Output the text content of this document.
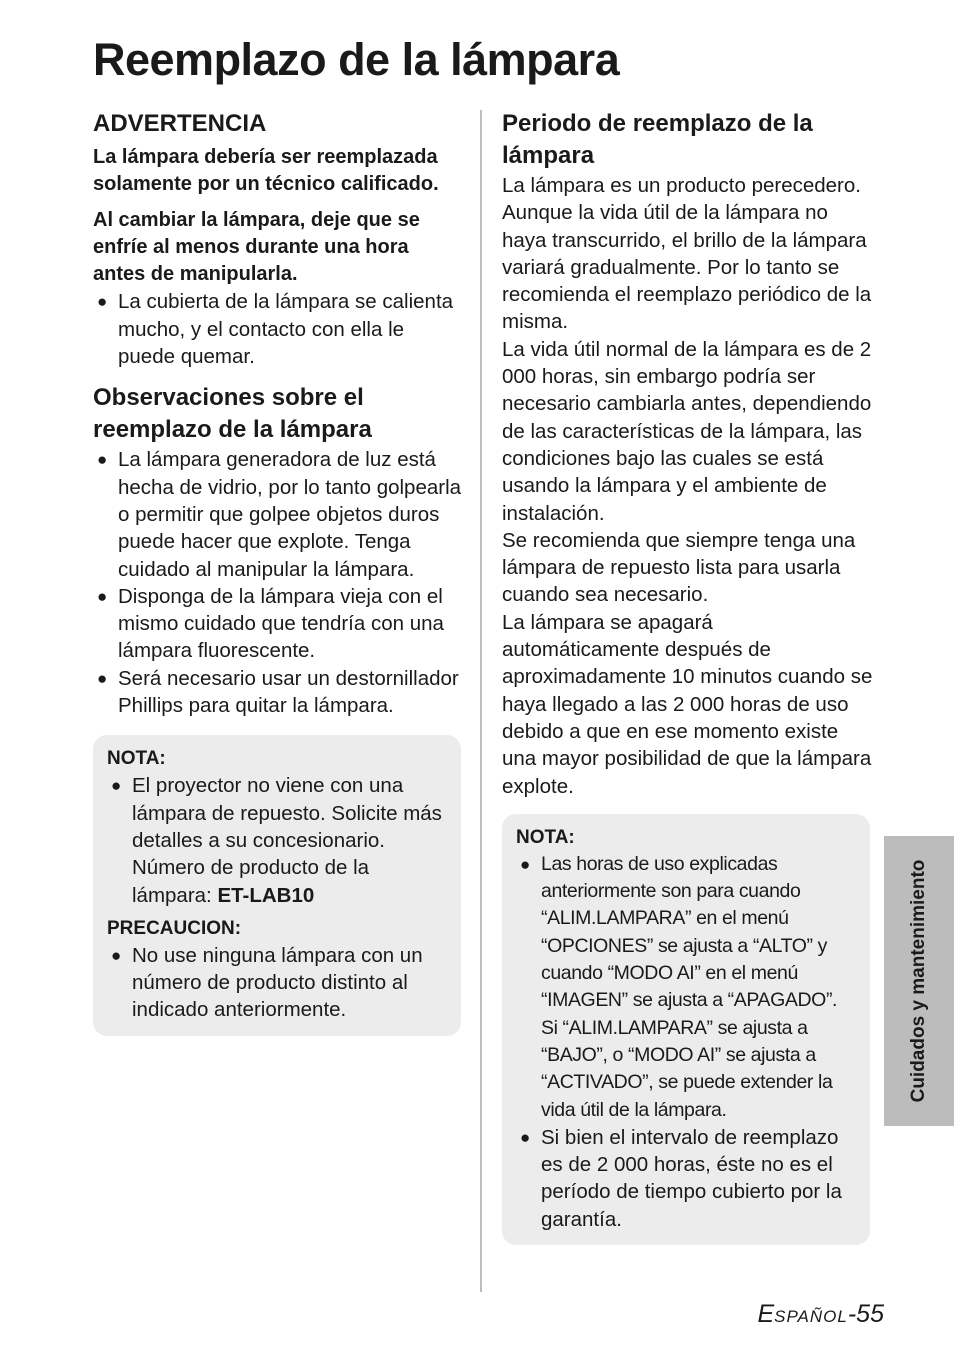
Reemplazo de la lámpara
ADVERTENCIA

La lámpara debería ser reemplazada solamente por un técnico calificado.

Al cambiar la lámpara, deje que se enfríe al menos durante una hora antes de manipularla.

● La cubierta de la lámpara se calienta mucho, y el contacto con ella le puede quemar.
Observaciones sobre el reemplazo de la lámpara
● La lámpara generadora de luz está hecha de vidrio, por lo tanto golpearla o permitir que golpee objetos duros puede hacer que explote. Tenga cuidado al manipular la lámpara.
● Disponga de la lámpara vieja con el mismo cuidado que tendría con una lámpara fluorescente.
● Será necesario usar un destornillador Phillips para quitar la lámpara.
NOTA:
● El proyector no viene con una lámpara de repuesto. Solicite más detalles a su concesionario.
Número de producto de la lámpara: ET-LAB10
PRECAUCION:
● No use ninguna lámpara con un número de producto distinto al indicado anteriormente.
Periodo de reemplazo de la lámpara

La lámpara es un producto perecedero. Aunque la vida útil de la lámpara no haya transcurrido, el brillo de la lámpara variará gradualmente. Por lo tanto se recomienda el reemplazo periódico de la misma.

La vida útil normal de la lámpara es de 2 000 horas, sin embargo podría ser necesario cambiarla antes, dependiendo de las características de la lámpara, las condiciones bajo las cuales se está usando la lámpara y el ambiente de instalación.

Se recomienda que siempre tenga una lámpara de repuesto lista para usarla cuando sea necesario.

La lámpara se apagará automáticamente después de aproximadamente 10 minutos cuando se haya llegado a las 2 000 horas de uso debido a que en ese momento existe una mayor posibilidad de que la lámpara explote.

NOTA:
● Las horas de uso explicadas anteriormente son para cuando “ALIM.LAMPARA” en el menú “OPCIONES” se ajusta a “ALTO” y cuando “MODO AI” en el menú “IMAGEN” se ajusta a “APAGADO”. Si “ALIM.LAMPARA” se ajusta a “BAJO”, o “MODO AI” se ajusta a “ACTIVADO”, se puede extender la vida útil de la lámpara.
● Si bien el intervalo de reemplazo es de 2 000 horas, éste no es el período de tiempo cubierto por la garantía.
Cuidados y mantenimiento
ESPAÑOL-55
